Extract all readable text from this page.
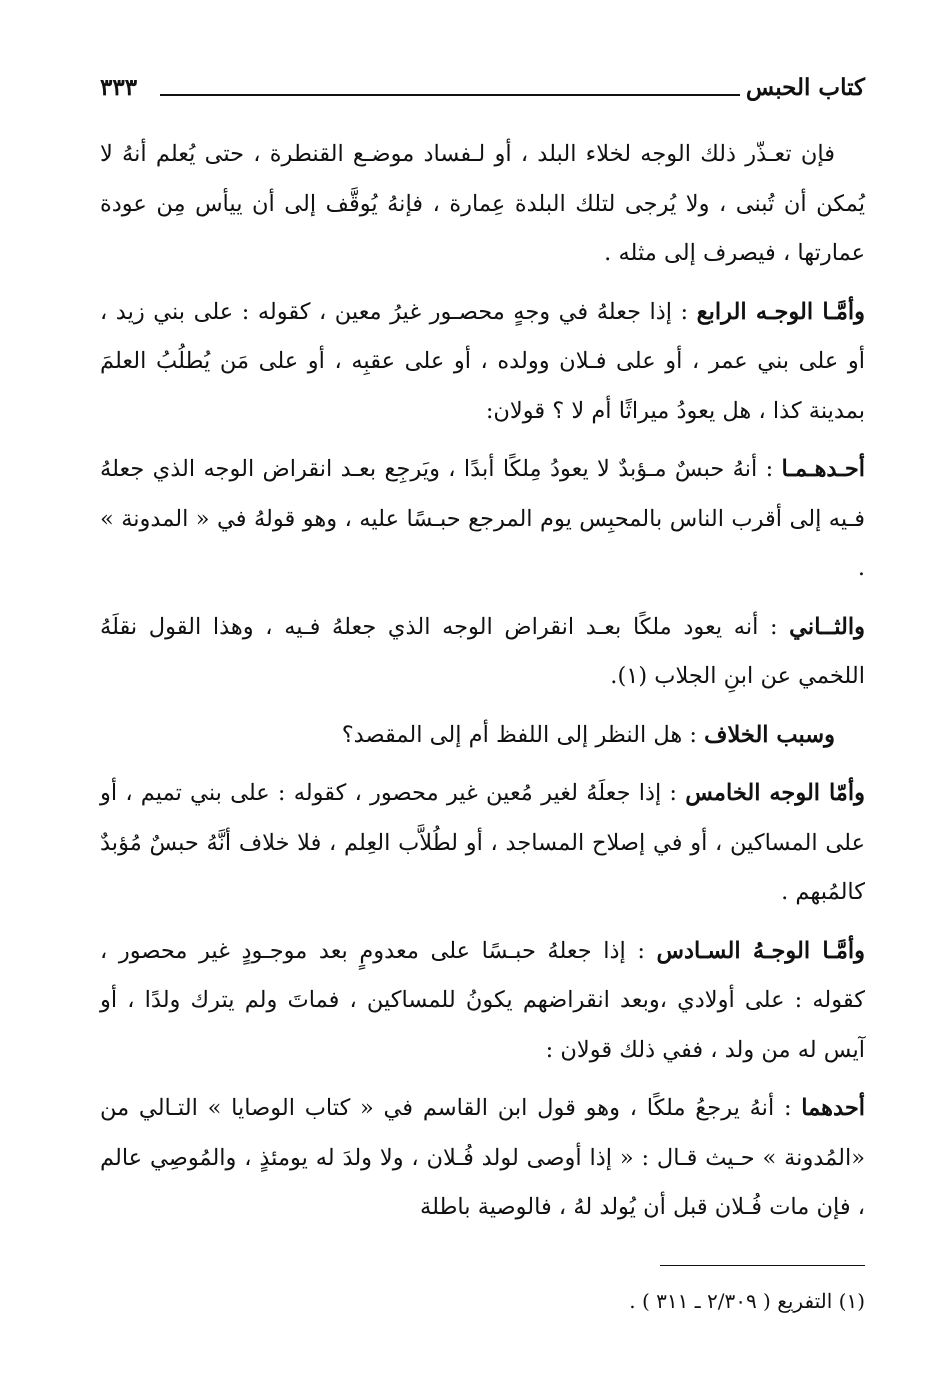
كتاب الحبس
٣٣٣

فإن تعـذّر ذلك الوجه لخلاء البلد ، أو لـفساد موضـع القنطرة ، حتى يُعلم أنهُ لا يُمكن أن تُبنى ، ولا يُرجى لتلك البلدة عِمارة ، فإنهُ يُوقَّف إلى أن ييأس مِن عودة عمارتها ، فيصرف إلى مثله .

وأمَّـا الوجـه الرابع : إذا جعلهُ في وجهٍ محصـور غيرُ معين ، كقوله : على بني زيد ، أو على بني عمر ، أو على فـلان وولده ، أو على عقبِه ، أو على مَن يُطلُبُ العلمَ بمدينة كذا ، هل يعودُ ميراثًا أم لا ؟ قولان:

أحـدهـمـا : أنهُ حبسٌ مـؤبدٌ لا يعودُ مِلكًا أبدًا ، ويَرجِع بعـد انقراض الوجه الذي جعلهُ فـيه إلى أقرب الناس بالمحبِس يوم المرجع حبـسًا عليه ، وهو قولهُ في « المدونة » .

والثــاني : أنه يعود ملكًا بعـد انقراض الوجه الذي جعلهُ فـيه ، وهذا القول نقلَهُ اللخمي عن ابنِ الجلاب (١).

وسبب الخلاف : هل النظر إلى اللفظ أم إلى المقصد؟

وأمّا الوجه الخامس : إذا جعلَهُ لغير مُعين غير محصور ، كقوله : على بني تميم ، أو على المساكين ، أو في إصلاح المساجد ، أو لطُلاَّب العِلم ، فلا خلاف أنَّهُ حبسٌ مُؤبدٌ كالمُبهم .

وأمَّـا الوجـهُ السـادس : إذا جعلهُ حبـسًا على معدومٍ بعد موجـودٍ غير محصور ، كقوله : على أولادي ،وبعد انقراضهم يكونُ للمساكين ، فماتَ ولم يترك ولدًا ، أو آيس له من ولد ، ففي ذلك قولان :

أحدهما : أنهُ يرجعُ ملكًا ، وهو قول ابن القاسم في « كتاب الوصايا » التـالي من «المُدونة » حـيث قـال : « إذا أوصى لولد فُـلان ، ولا ولدَ له يومئذٍ ، والمُوصِي عالم ، فإن مات فُـلان قبل أن يُولد لهُ ، فالوصية باطلة

(١) التفريع ( ٢/٣٠٩ ـ ٣١١ ) .
